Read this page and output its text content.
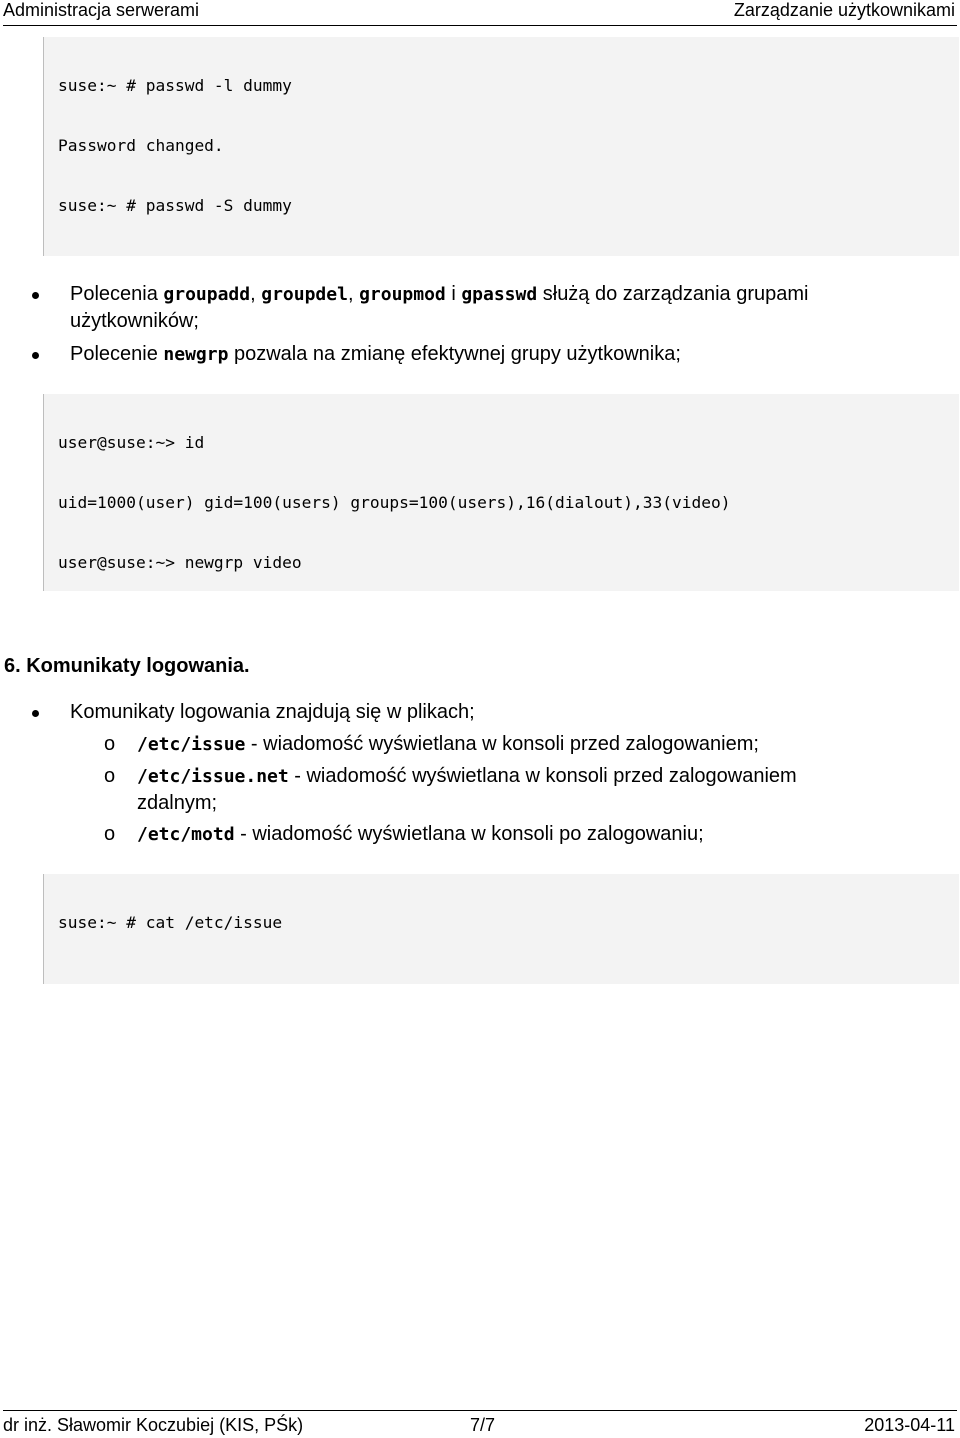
Administracja serwerami	Zarządzanie użytkownikami

suse:~ # passwd -l dummy

Password changed.

suse:~ # passwd -S dummy

Polecenia groupadd, groupdel, groupmod i gpasswd służą do zarządzania grupami
użytkowników;
Polecenie newgrp pozwala na zmianę efektywnej grupy użytkownika;

user@suse:~> id

uid=1000(user) gid=100(users) groups=100(users),16(dialout),33(video)

user@suse:~> newgrp video

6. Komunikaty logowania.
Komunikaty logowania znajdują się w plikach;
o /etc/issue - wiadomość wyświetlana w konsoli przed zalogowaniem;
o /etc/issue.net - wiadomość wyświetlana w konsoli przed zalogowaniem
zdalnym;
o /etc/motd - wiadomość wyświetlana w konsoli po zalogowaniu;

suse:~ # cat /etc/issue

dr inż. Sławomir Koczubiej (KIS, PŚk)	7/7	2013-04-11
